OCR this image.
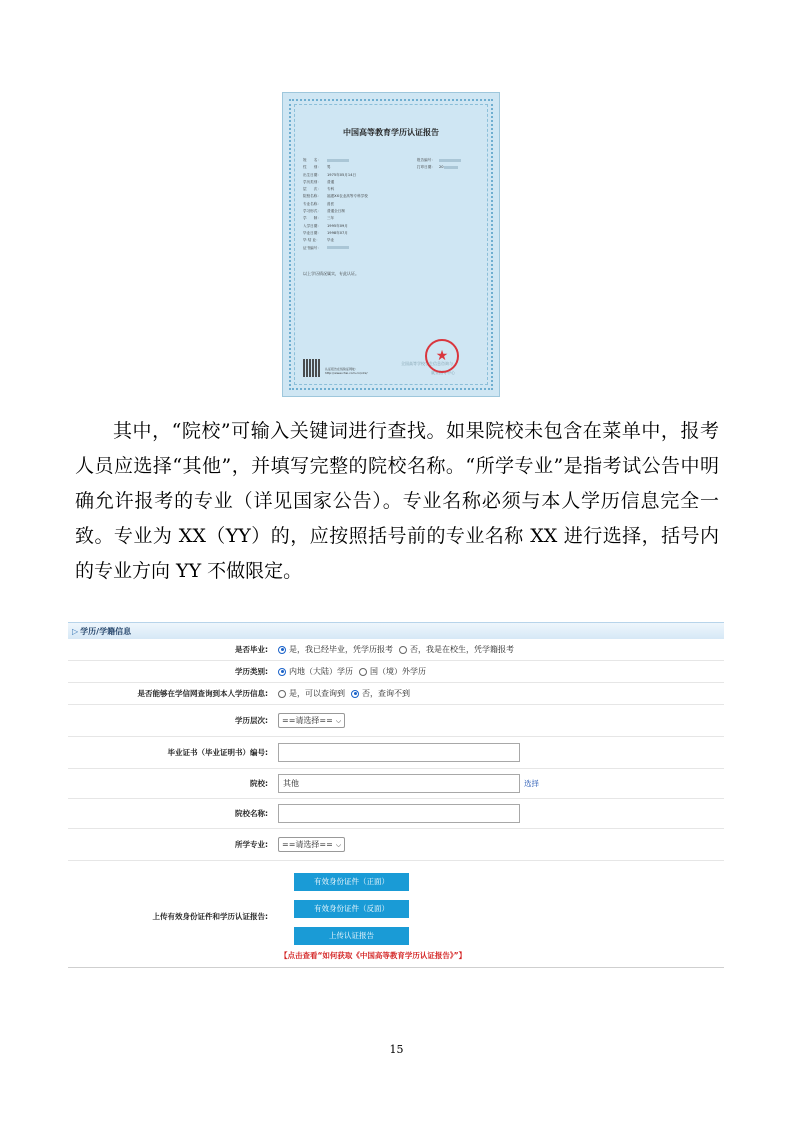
中国高等教育学历认证报告
姓　　名：
性　　别： 男
出生日期： 1975年05月14日
学历类别： 普通
层　　次： 专科
院校名称： 福建XX农业高等专科学校
专业名称： 兽医
学习形式： 普通全日制
学　　制： 三年
入学日期： 1995年09月
毕业日期： 1998年07月
毕 结 业： 毕业
证书编号：
报告编号：
打印日期： 20
以上学历情况属实，专此认证。
认证报告在线验证网址：
http://www.chsi.com.cn/xlrz/
全国高等学校学生信息咨询与
就业指导中心
★
其中，“院校”可输入关键词进行查找。如果院校未包含在菜单中，报考人员应选择“其他”，并填写完整的院校名称。“所学专业”是指考试公告中明确允许报考的专业（详见国家公告）。专业名称必须与本人学历信息完全一致。专业为 XX（YY）的，应按照括号前的专业名称 XX 进行选择，括号内的专业方向 YY 不做限定。
▷ 学历/学籍信息
是否毕业:	是，我已经毕业，凭学历报考	否，我是在校生，凭学籍报考
学历类别:	内地（大陆）学历	国（境）外学历
是否能够在学信网查询到本人学历信息:	是，可以查询到	否，查询不到
学历层次:	==请选择== ⌵
毕业证书（毕业证明书）编号:
院校:	其他	选择
院校名称:
所学专业:	==请选择== ⌵
上传有效身份证件和学历认证报告:
有效身份证件（正面）
有效身份证件（反面）
上传认证报告
【点击查看“如何获取《中国高等教育学历认证报告》”】
15
